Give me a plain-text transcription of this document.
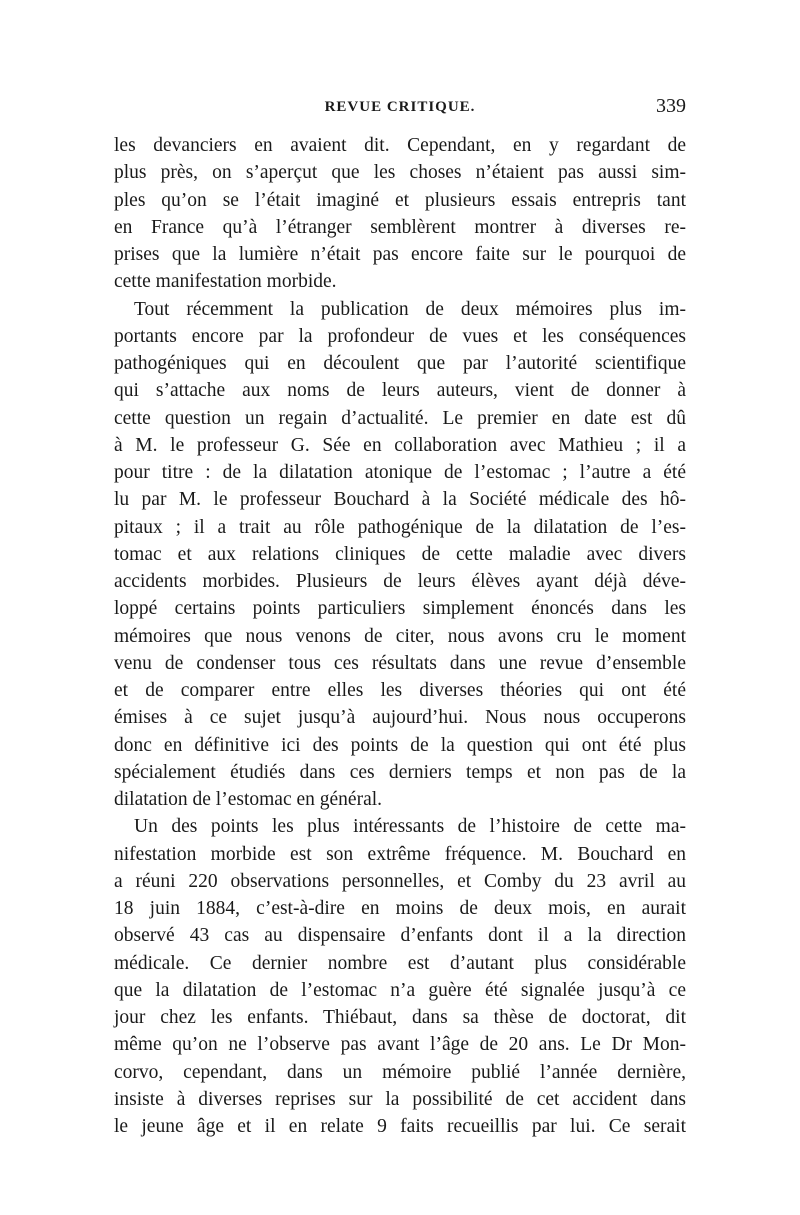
REVUE CRITIQUE.	339
les devanciers en avaient dit. Cependant, en y regardant de
plus près, on s’aperçut que les choses n’étaient pas aussi sim-
ples qu’on se l’était imaginé et plusieurs essais entrepris tant
en France qu’à l’étranger semblèrent montrer à diverses re-
prises que la lumière n’était pas encore faite sur le pourquoi de
cette manifestation morbide.
Tout récemment la publication de deux mémoires plus im-
portants encore par la profondeur de vues et les conséquences
pathogéniques qui en découlent que par l’autorité scientifique
qui s’attache aux noms de leurs auteurs, vient de donner à
cette question un regain d’actualité. Le premier en date est dû
à M. le professeur G. Sée en collaboration avec Mathieu ; il a
pour titre : de la dilatation atonique de l’estomac ; l’autre a été
lu par M. le professeur Bouchard à la Société médicale des hô-
pitaux ; il a trait au rôle pathogénique de la dilatation de l’es-
tomac et aux relations cliniques de cette maladie avec divers
accidents morbides. Plusieurs de leurs élèves ayant déjà déve-
loppé certains points particuliers simplement énoncés dans les
mémoires que nous venons de citer, nous avons cru le moment
venu de condenser tous ces résultats dans une revue d’ensemble
et de comparer entre elles les diverses théories qui ont été
émises à ce sujet jusqu’à aujourd’hui. Nous nous occuperons
donc en définitive ici des points de la question qui ont été plus
spécialement étudiés dans ces derniers temps et non pas de la
dilatation de l’estomac en général.
Un des points les plus intéressants de l’histoire de cette ma-
nifestation morbide est son extrême fréquence. M. Bouchard en
a réuni 220 observations personnelles, et Comby du 23 avril au
18 juin 1884, c’est-à-dire en moins de deux mois, en aurait
observé 43 cas au dispensaire d’enfants dont il a la direction
médicale. Ce dernier nombre est d’autant plus considérable
que la dilatation de l’estomac n’a guère été signalée jusqu’à ce
jour chez les enfants. Thiébaut, dans sa thèse de doctorat, dit
même qu’on ne l’observe pas avant l’âge de 20 ans. Le Dr Mon-
corvo, cependant, dans un mémoire publié l’année dernière,
insiste à diverses reprises sur la possibilité de cet accident dans
le jeune âge et il en relate 9 faits recueillis par lui. Ce serait
